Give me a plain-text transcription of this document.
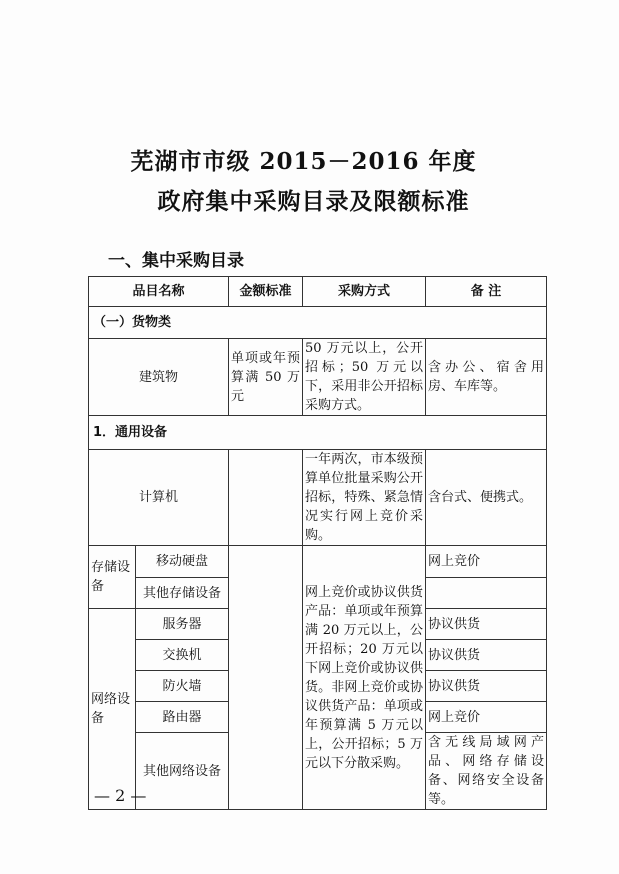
芜湖市市级 2015－2016 年度
政府集中采购目录及限额标准
一、集中采购目录
品目名称		金额标准	采购方式	备 注
（一）货物类				
建筑物		单项或年预算满 50 万元	50 万元以上，公开招标；50 万元以下，采用非公开招标采购方式。	含办公、宿舍用房、车库等。
1．通用设备				
计算机			一年两次，市本级预算单位批量采购公开招标，特殊、紧急情况实行网上竞价采购。	含台式、便携式。
存储设备	移动硬盘		网上竞价或协议供货产品：单项或年预算满 20 万元以上，公开招标；20 万元以下网上竞价或协议供货。非网上竞价或协议供货产品：单项或年预算满 5 万元以上，公开招标；5 万元以下分散采购。	网上竞价
	其他存储设备			
网络设备	服务器			协议供货
	交换机			协议供货
	防火墙			协议供货
	路由器			网上竞价
	其他网络设备			含无线局域网产品、网络存储设备、网络安全设备等。
— 2 —
